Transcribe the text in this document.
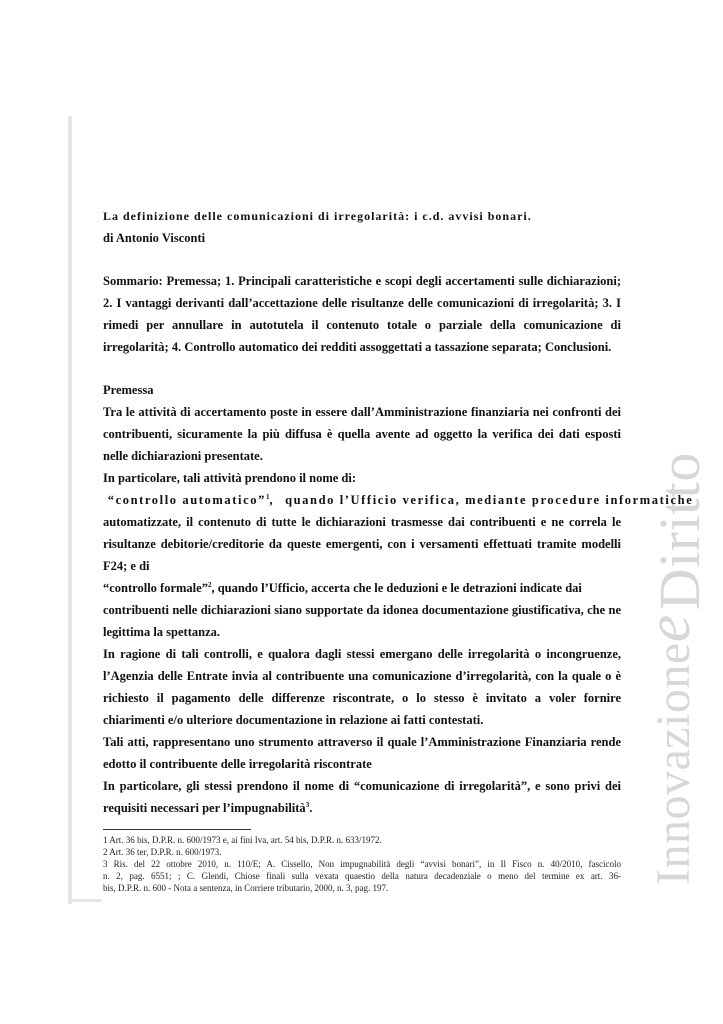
InnovazioneeDiritto
La definizione delle comunicazioni di irregolarità: i c.d. avvisi bonari.
di Antonio Visconti
Sommario: Premessa; 1. Principali caratteristiche e scopi degli accertamenti sulle dichiarazioni;
2. I vantaggi derivanti dall’accettazione delle risultanze delle comunicazioni di irregolarità; 3. I
rimedi per annullare in autotutela il contenuto totale o parziale della comunicazione di
irregolarità; 4. Controllo automatico dei redditi assoggettati a tassazione separata; Conclusioni.
Premessa
Tra le attività di accertamento poste in essere dall’Amministrazione finanziaria nei confronti dei
contribuenti, sicuramente la più diffusa è quella avente ad oggetto la verifica dei dati esposti
nelle dichiarazioni presentate.
In particolare, tali attività prendono il nome di:
“controllo automatico”$^1$, quando l’Ufficio verifica, mediante procedure informatiche
automatizzate, il contenuto di tutte le dichiarazioni trasmesse dai contribuenti e ne correla le
risultanze debitorie/creditorie da queste emergenti, con i versamenti effettuati tramite modelli
F24; e di
“controllo formale”$^2$, quando l’Ufficio, accerta che le deduzioni e le detrazioni indicate dai
contribuenti nelle dichiarazioni siano supportate da idonea documentazione giustificativa, che ne
legittima la spettanza.
In ragione di tali controlli, e qualora dagli stessi emergano delle irregolarità o incongruenze,
l’Agenzia delle Entrate invia al contribuente una comunicazione d’irregolarità, con la quale o è
richiesto il pagamento delle differenze riscontrate, o lo stesso è invitato a voler fornire
chiarimenti e/o ulteriore documentazione in relazione ai fatti contestati.
Tali atti, rappresentano uno strumento attraverso il quale l’Amministrazione Finanziaria rende
edotto il contribuente delle irregolarità riscontrate
In particolare, gli stessi prendono il nome di “comunicazione di irregolarità”, e sono privi dei
requisiti necessari per l’impugnabilità$^3$.
1 Art. 36 bis, D.P.R. n. 600/1973 e, ai fini Iva, art. 54 bis, D.P.R. n. 633/1972.
2 Art. 36 ter, D.P.R. n. 600/1973.
3 Ris. del 22 ottobre 2010, n. 110/E; A. Cissello, Non impugnabilità degli “avvisi bonari”, in Il Fisco n. 40/2010, fascicolo
n. 2, pag. 6551; ; C. Glendi, Chiose finali sulla vexata quaestio della natura decadenziale o meno del termine ex art. 36-
bis, D.P.R. n. 600 - Nota a sentenza, in Corriere tributario, 2000, n. 3, pag. 197.
